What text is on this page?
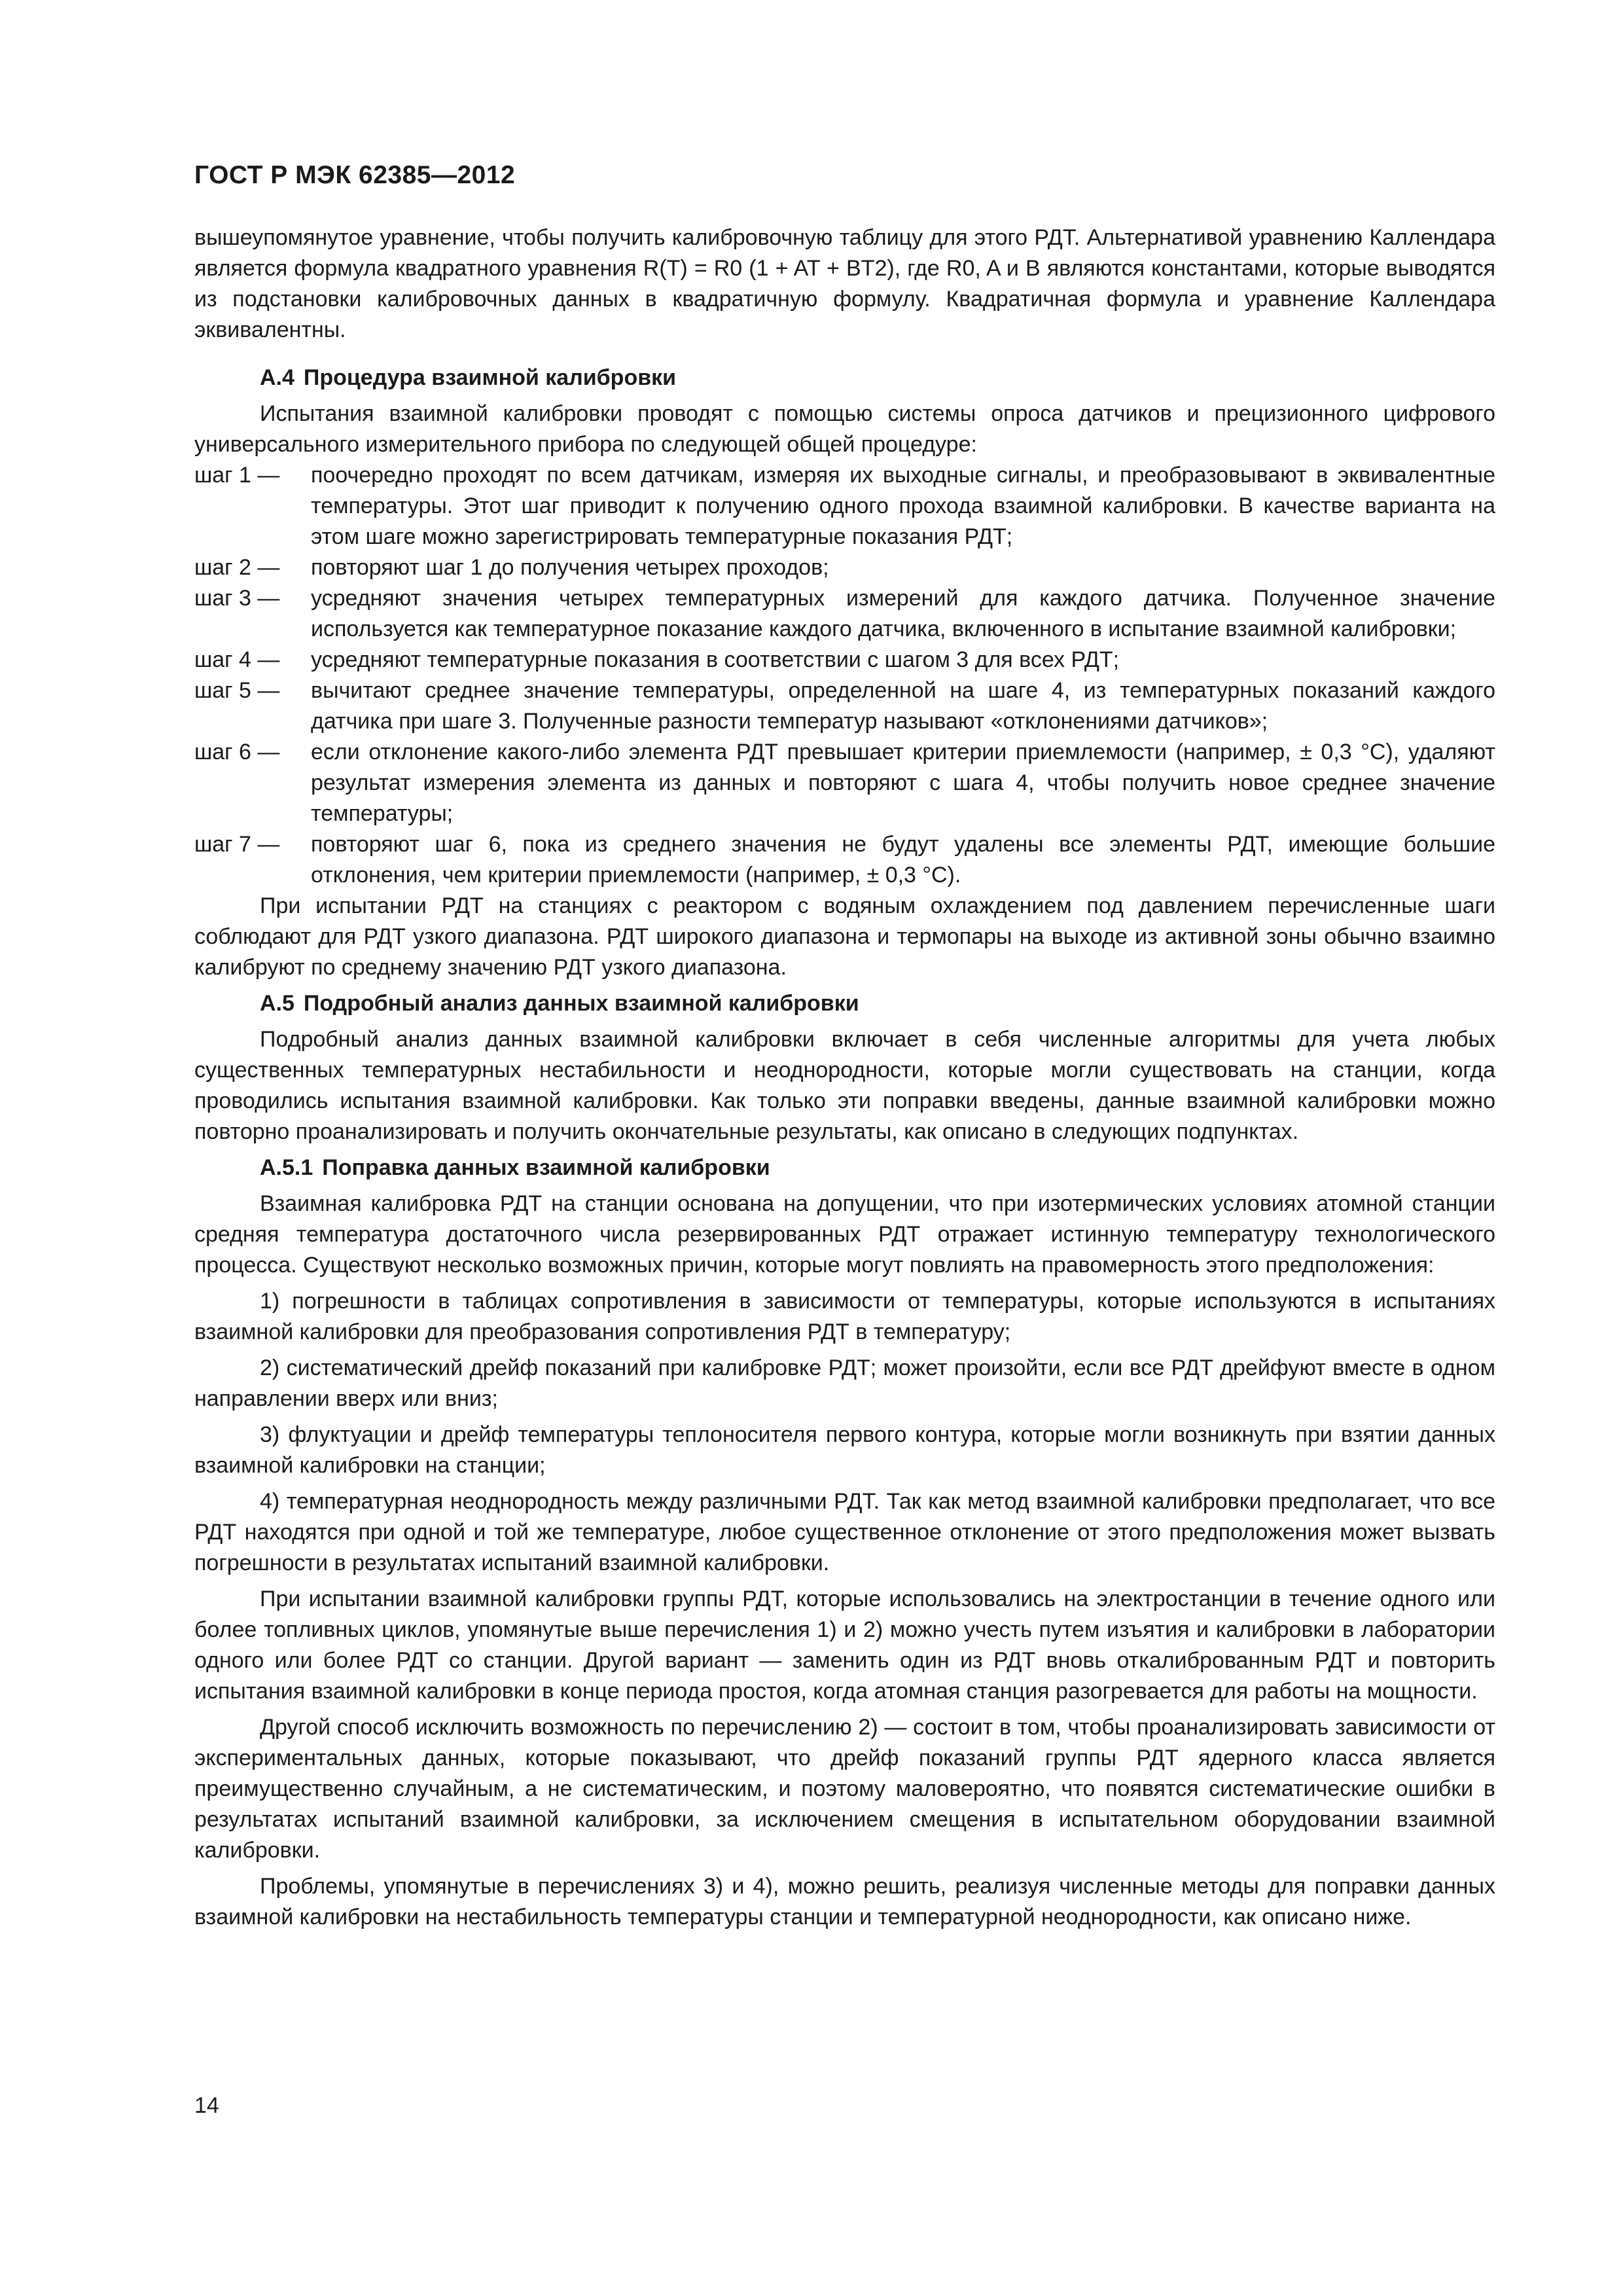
ГОСТ Р МЭК 62385—2012

вышеупомянутое уравнение, чтобы получить калибровочную таблицу для этого РДТ. Альтернативой уравнению Каллендара является формула квадратного уравнения R(T) = R0 (1 + AT + BT2), где R0, A и B являются константами, которые выводятся из подстановки калибровочных данных в квадратичную формулу. Квадратичная формула и уравнение Каллендара эквивалентны.

А.4 Процедура взаимной калибровки

Испытания взаимной калибровки проводят с помощью системы опроса датчиков и прецизионного цифрового универсального измерительного прибора по следующей общей процедуре:

шаг 1 —	поочередно проходят по всем датчикам, измеряя их выходные сигналы, и преобразовывают в эквивалентные температуры. Этот шаг приводит к получению одного прохода взаимной калибровки. В качестве варианта на этом шаге можно зарегистрировать температурные показания РДТ;
шаг 2 —	повторяют шаг 1 до получения четырех проходов;
шаг 3 —	усредняют значения четырех температурных измерений для каждого датчика. Полученное значение используется как температурное показание каждого датчика, включенного в испытание взаимной калибровки;
шаг 4 —	усредняют температурные показания в соответствии с шагом 3 для всех РДТ;
шаг 5 —	вычитают среднее значение температуры, определенной на шаге 4, из температурных показаний каждого датчика при шаге 3. Полученные разности температур называют «отклонениями датчиков»;
шаг 6 —	если отклонение какого-либо элемента РДТ превышает критерии приемлемости (например, ± 0,3 °С), удаляют результат измерения элемента из данных и повторяют с шага 4, чтобы получить новое среднее значение температуры;
шаг 7 —	повторяют шаг 6, пока из среднего значения не будут удалены все элементы РДТ, имеющие большие отклонения, чем критерии приемлемости (например, ± 0,3 °С).

При испытании РДТ на станциях с реактором с водяным охлаждением под давлением перечисленные шаги соблюдают для РДТ узкого диапазона. РДТ широкого диапазона и термопары на выходе из активной зоны обычно взаимно калибруют по среднему значению РДТ узкого диапазона.

А.5 Подробный анализ данных взаимной калибровки

Подробный анализ данных взаимной калибровки включает в себя численные алгоритмы для учета любых существенных температурных нестабильности и неоднородности, которые могли существовать на станции, когда проводились испытания взаимной калибровки. Как только эти поправки введены, данные взаимной калибровки можно повторно проанализировать и получить окончательные результаты, как описано в следующих подпунктах.

А.5.1 Поправка данных взаимной калибровки

Взаимная калибровка РДТ на станции основана на допущении, что при изотермических условиях атомной станции средняя температура достаточного числа резервированных РДТ отражает истинную температуру технологического процесса. Существуют несколько возможных причин, которые могут повлиять на правомерность этого предположения:

1) погрешности в таблицах сопротивления в зависимости от температуры, которые используются в испытаниях взаимной калибровки для преобразования сопротивления РДТ в температуру;

2) систематический дрейф показаний при калибровке РДТ; может произойти, если все РДТ дрейфуют вместе в одном направлении вверх или вниз;

3) флуктуации и дрейф температуры теплоносителя первого контура, которые могли возникнуть при взятии данных взаимной калибровки на станции;

4) температурная неоднородность между различными РДТ. Так как метод взаимной калибровки предполагает, что все РДТ находятся при одной и той же температуре, любое существенное отклонение от этого предположения может вызвать погрешности в результатах испытаний взаимной калибровки.

При испытании взаимной калибровки группы РДТ, которые использовались на электростанции в течение одного или более топливных циклов, упомянутые выше перечисления 1) и 2) можно учесть путем изъятия и калибровки в лаборатории одного или более РДТ со станции. Другой вариант — заменить один из РДТ вновь откалиброванным РДТ и повторить испытания взаимной калибровки в конце периода простоя, когда атомная станция разогревается для работы на мощности.

Другой способ исключить возможность по перечислению 2) — состоит в том, чтобы проанализировать зависимости от экспериментальных данных, которые показывают, что дрейф показаний группы РДТ ядерного класса является преимущественно случайным, а не систематическим, и поэтому маловероятно, что появятся систематические ошибки в результатах испытаний взаимной калибровки, за исключением смещения в испытательном оборудовании взаимной калибровки.

Проблемы, упомянутые в перечислениях 3) и 4), можно решить, реализуя численные методы для поправки данных взаимной калибровки на нестабильность температуры станции и температурной неоднородности, как описано ниже.

14
